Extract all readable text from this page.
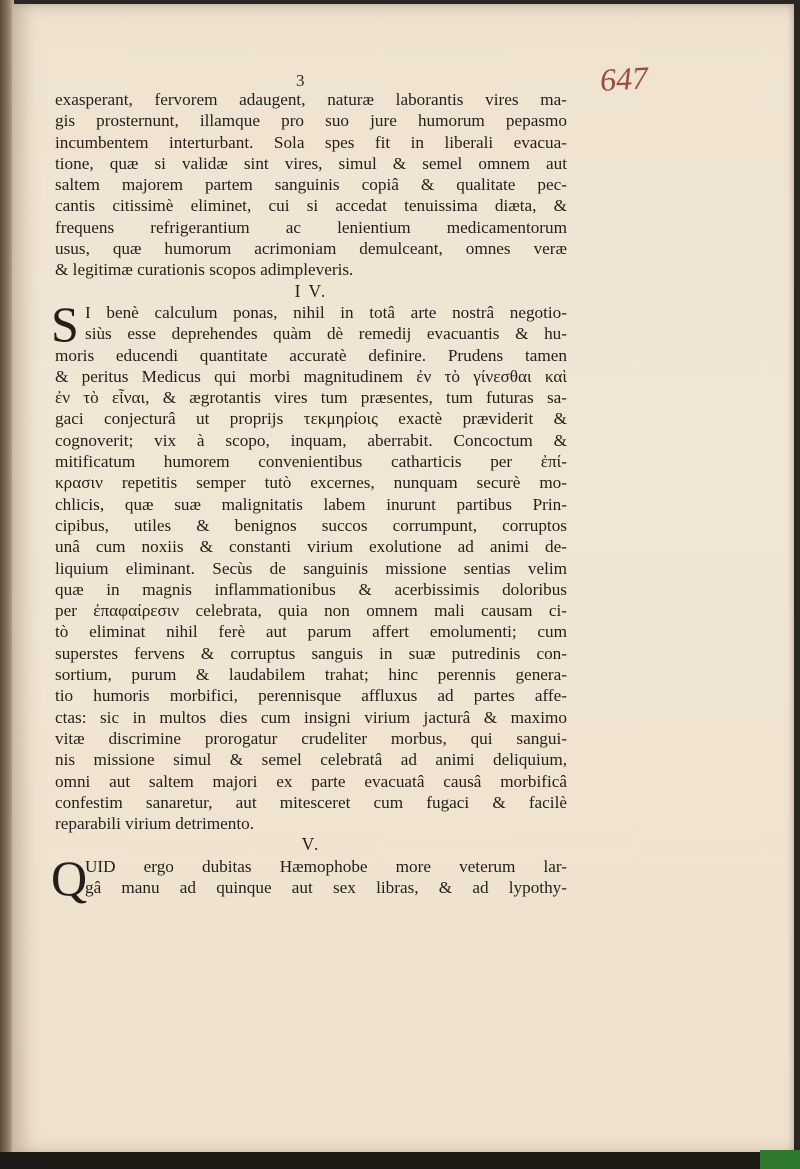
647
3
exasperant, fervorem adaugent, naturæ laborantis vires ma-
gis prosternunt, illamque pro suo jure humorum pepasmo
incumbentem interturbant. Sola spes fit in liberali evacua-
tione, quæ si validæ sint vires, simul & semel omnem aut
saltem majorem partem sanguinis copiâ & qualitate pec-
cantis citissimè eliminet, cui si accedat tenuissima diæta, &
frequens refrigerantium ac lenientium medicamentorum
usus, quæ humorum acrimoniam demulceant, omnes veræ
& legitimæ curationis scopos adimpleveris.
I V.
S I benè calculum ponas, nihil in totâ arte nostrâ negotio-
siùs esse deprehendes quàm dè remedij evacuantis & hu-
moris educendi quantitate accuratè definire. Prudens tamen
& peritus Medicus qui morbi magnitudinem ἐν τὸ γίνεσθαι καὶ
ἐν τὸ εἶναι, & ægrotantis vires tum præsentes, tum futuras sa-
gaci conjecturâ ut proprijs τεκμηρίοις exactè præviderit &
cognoverit; vix à scopo, inquam, aberrabit. Concoctum &
mitificatum humorem convenientibus catharticis per ἐπί-
κρασιν repetitis semper tutò excernes, nunquam securè mo-
chlicis, quæ suæ malignitatis labem inurunt partibus Prin-
cipibus, utiles & benignos succos corrumpunt, corruptos
unâ cum noxiis & constanti virium exolutione ad animi de-
liquium eliminant. Secùs de sanguinis missione sentias velim
quæ in magnis inflammationibus & acerbissimis doloribus
per ἐπαφαίρεσιν celebrata, quia non omnem mali causam ci-
tò eliminat nihil ferè aut parum affert emolumenti; cum
superstes fervens & corruptus sanguis in suæ putredinis con-
sortium, purum & laudabilem trahat; hinc perennis genera-
tio humoris morbifici, perennisque affluxus ad partes affe-
ctas: sic in multos dies cum insigni virium jacturâ & maximo
vitæ discrimine prorogatur crudeliter morbus, qui sangui-
nis missione simul & semel celebratâ ad animi deliquium,
omni aut saltem majori ex parte evacuatâ causâ morbificâ
confestim sanaretur, aut mitesceret cum fugaci & facilè
reparabili virium detrimento.
V.
Q
UID ergo dubitas Hæmophobe more veterum lar-
gâ manu ad quinque aut sex libras, & ad lypothy-
